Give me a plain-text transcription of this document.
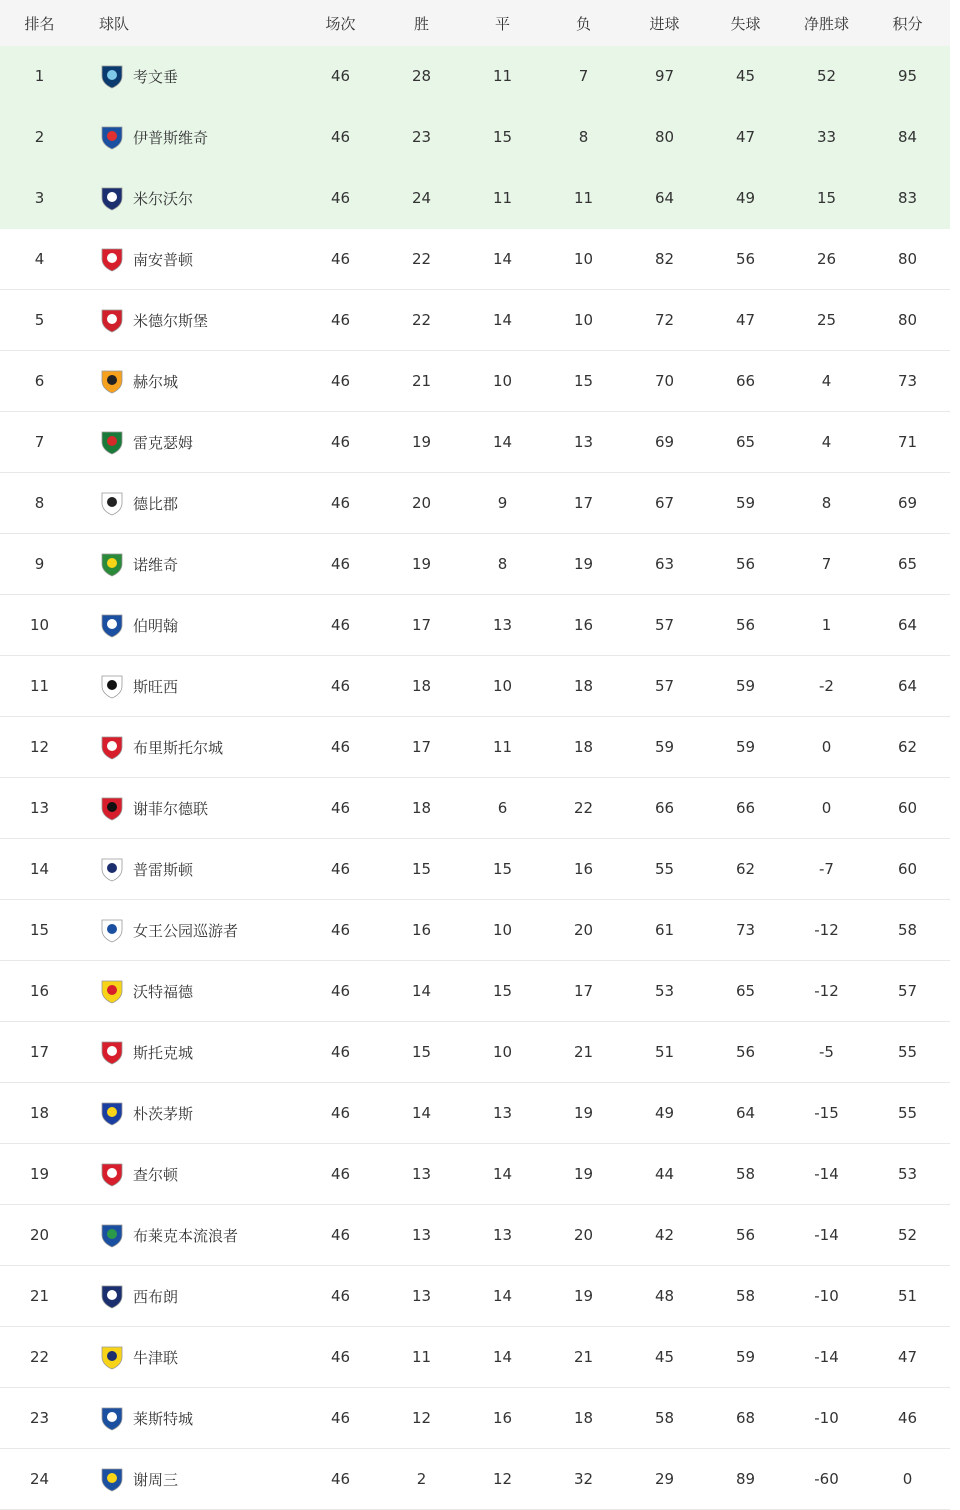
排名	球队	场次	胜	平	负	进球	失球	净胜球	积分
1	考文垂	46	28	11	7	97	45	52	95
2	伊普斯维奇	46	23	15	8	80	47	33	84
3	米尔沃尔	46	24	11	11	64	49	15	83
4	南安普顿	46	22	14	10	82	56	26	80
5	米德尔斯堡	46	22	14	10	72	47	25	80
6	赫尔城	46	21	10	15	70	66	4	73
7	雷克瑟姆	46	19	14	13	69	65	4	71
8	德比郡	46	20	9	17	67	59	8	69
9	诺维奇	46	19	8	19	63	56	7	65
10	伯明翰	46	17	13	16	57	56	1	64
11	斯旺西	46	18	10	18	57	59	-2	64
12	布里斯托尔城	46	17	11	18	59	59	0	62
13	谢菲尔德联	46	18	6	22	66	66	0	60
14	普雷斯顿	46	15	15	16	55	62	-7	60
15	女王公园巡游者	46	16	10	20	61	73	-12	58
16	沃特福德	46	14	15	17	53	65	-12	57
17	斯托克城	46	15	10	21	51	56	-5	55
18	朴茨茅斯	46	14	13	19	49	64	-15	55
19	查尔顿	46	13	14	19	44	58	-14	53
20	布莱克本流浪者	46	13	13	20	42	56	-14	52
21	西布朗	46	13	14	19	48	58	-10	51
22	牛津联	46	11	14	21	45	59	-14	47
23	莱斯特城	46	12	16	18	58	68	-10	46
24	谢周三	46	2	12	32	29	89	-60	0
